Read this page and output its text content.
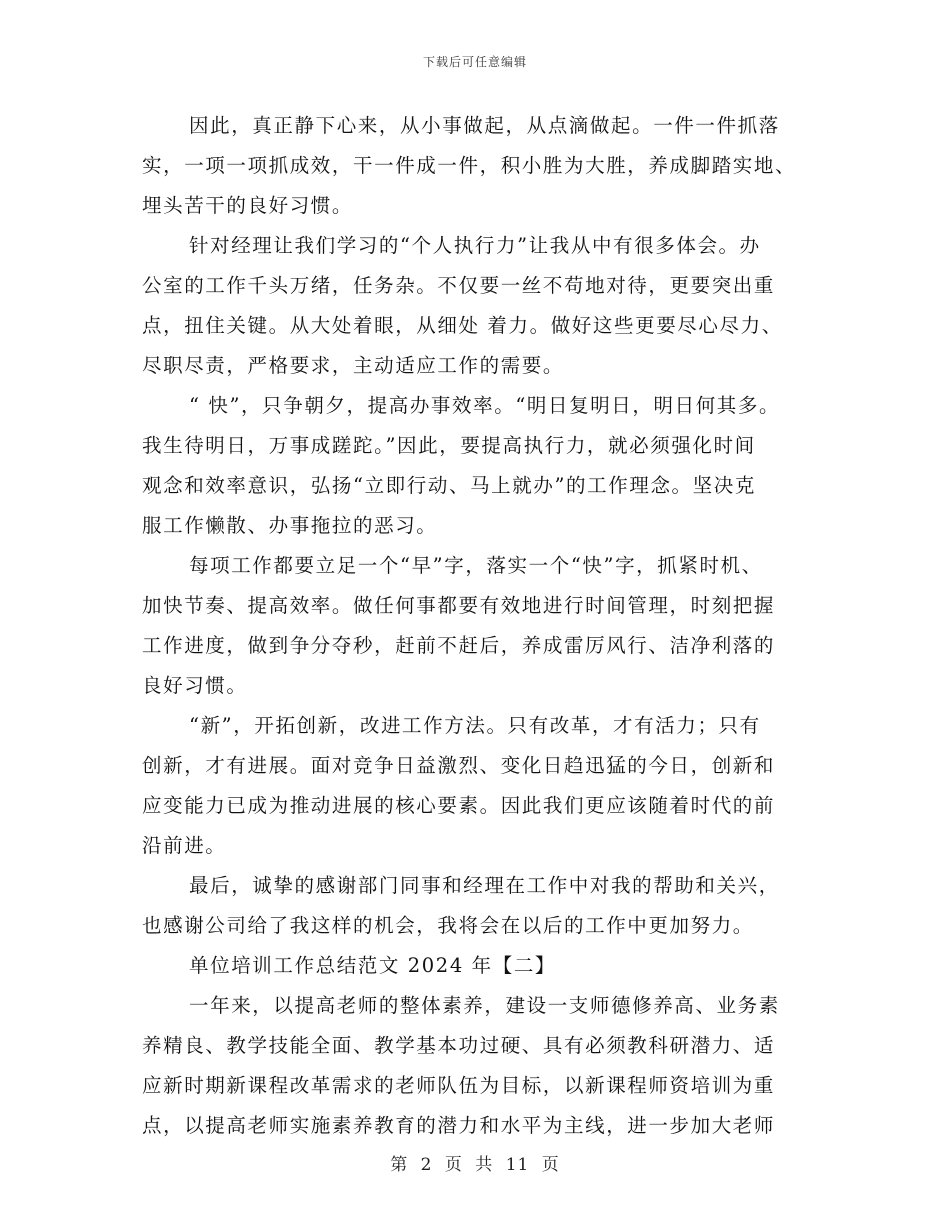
下载后可任意编辑
因此，真正静下心来，从小事做起，从点滴做起。一件一件抓落
实，一项一项抓成效，干一件成一件，积小胜为大胜，养成脚踏实地、
埋头苦干的良好习惯。
针对经理让我们学习的“个人执行力”让我从中有很多体会。办
公室的工作千头万绪，任务杂。不仅要一丝不苟地对待，更要突出重
点，扭住关键。从大处着眼，从细处 着力。做好这些更要尽心尽力、
尽职尽责，严格要求，主动适应工作的需要。
“ 快”，只争朝夕，提高办事效率。“明日复明日，明日何其多。
我生待明日，万事成蹉跎。”因此，要提高执行力，就必须强化时间
观念和效率意识，弘扬“立即行动、马上就办”的工作理念。坚决克
服工作懒散、办事拖拉的恶习。
每项工作都要立足一个“早”字，落实一个“快”字，抓紧时机、
加快节奏、提高效率。做任何事都要有效地进行时间管理，时刻把握
工作进度，做到争分夺秒，赶前不赶后，养成雷厉风行、洁净利落的
良好习惯。
“新”，开拓创新，改进工作方法。只有改革，才有活力；只有
创新，才有进展。面对竞争日益激烈、变化日趋迅猛的今日，创新和
应变能力已成为推动进展的核心要素。因此我们更应该随着时代的前
沿前进。
最后，诚挚的感谢部门同事和经理在工作中对我的帮助和关兴，
也感谢公司给了我这样的机会，我将会在以后的工作中更加努力。
单位培训工作总结范文 2024 年【二】
一年来，以提高老师的整体素养，建设一支师德修养高、业务素
养精良、教学技能全面、教学基本功过硬、具有必须教科研潜力、适
应新时期新课程改革需求的老师队伍为目标，以新课程师资培训为重
点，以提高老师实施素养教育的潜力和水平为主线，进一步加大老师
第 2 页 共 11 页
